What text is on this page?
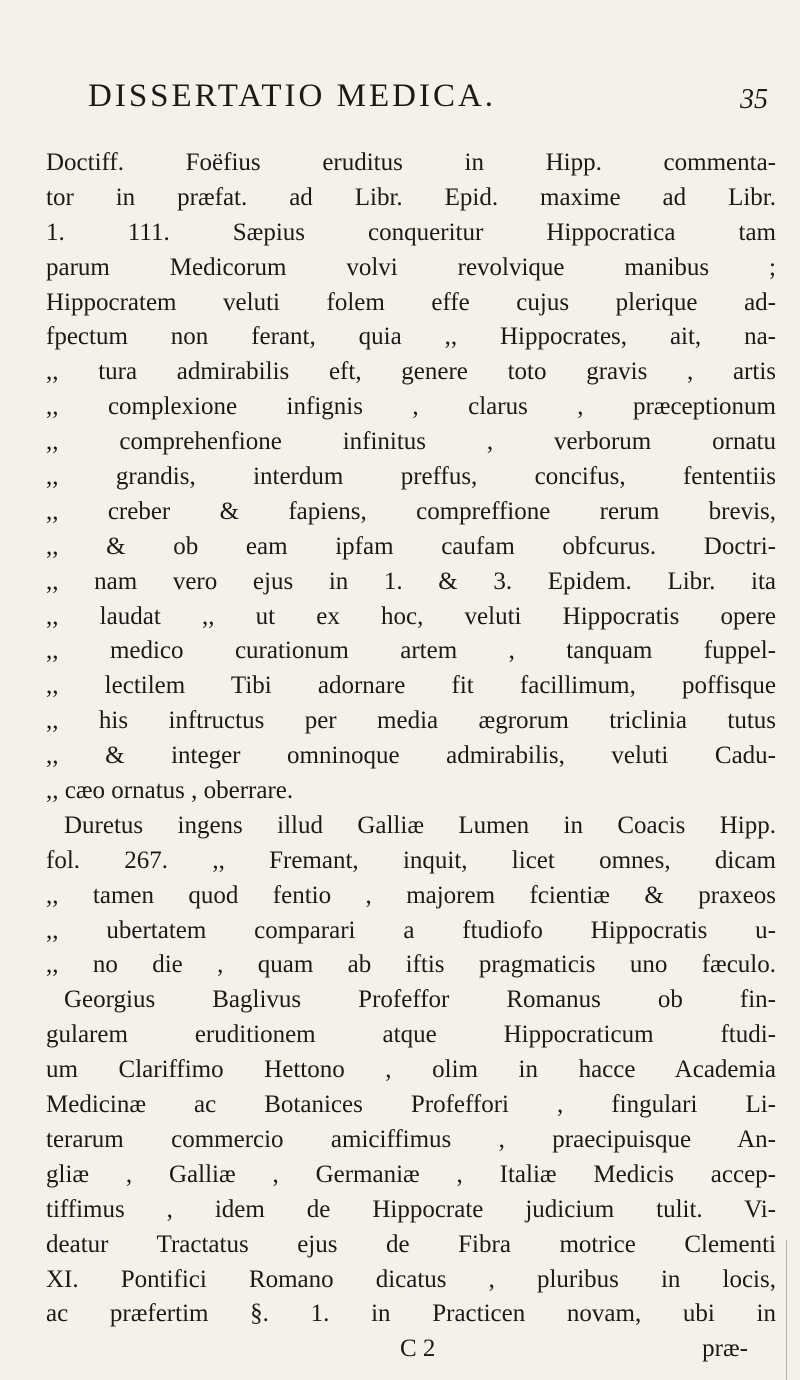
DISSERTATIO MEDICA.	35
Doctiff. Foëfius eruditus in Hipp. commenta-
tor in præfat. ad Libr. Epid. maxime ad Libr.
1. 111. Sæpius conqueritur Hippocratica tam
parum Medicorum volvi revolvique manibus ;
Hippocratem veluti folem effe cujus plerique ad-
fpectum non ferant, quia ,, Hippocrates, ait, na-
,, tura admirabilis eft, genere toto gravis , artis
,, complexione infignis , clarus , præceptionum
,, comprehenfione infinitus , verborum ornatu
,, grandis, interdum preffus, concifus, fententiis
,, creber & fapiens, compreffione rerum brevis,
,, & ob eam ipfam caufam obfcurus. Doctri-
,, nam vero ejus in 1. & 3. Epidem. Libr. ita
,, laudat ,, ut ex hoc, veluti Hippocratis opere
,, medico curationum artem , tanquam fuppel-
,, lectilem Tibi adornare fit facillimum, poffisque
,, his inftructus per media ægrorum triclinia tutus
,, & integer omninoque admirabilis, veluti Cadu-
,, cæo ornatus , oberrare.
Duretus ingens illud Galliæ Lumen in Coacis Hipp.
fol. 267. ,, Fremant, inquit, licet omnes, dicam
,, tamen quod fentio , majorem fcientiæ & praxeos
,, ubertatem comparari a ftudiofo Hippocratis u-
,, no die , quam ab iftis pragmaticis uno fæculo.
Georgius Baglivus Profeffor Romanus ob fin-
gularem eruditionem atque Hippocraticum ftudi-
um Clariffimo Hettono , olim in hacce Academia
Medicinæ ac Botanices Profeffori , fingulari Li-
terarum commercio amiciffimus , praecipuisque An-
gliæ , Galliæ , Germaniæ , Italiæ Medicis accep-
tiffimus , idem de Hippocrate judicium tulit. Vi-
deatur Tractatus ejus de Fibra motrice Clementi
XI. Pontifici Romano dicatus , pluribus in locis,
ac præfertim §. 1. in Practicen novam, ubi in
C 2	præ-
